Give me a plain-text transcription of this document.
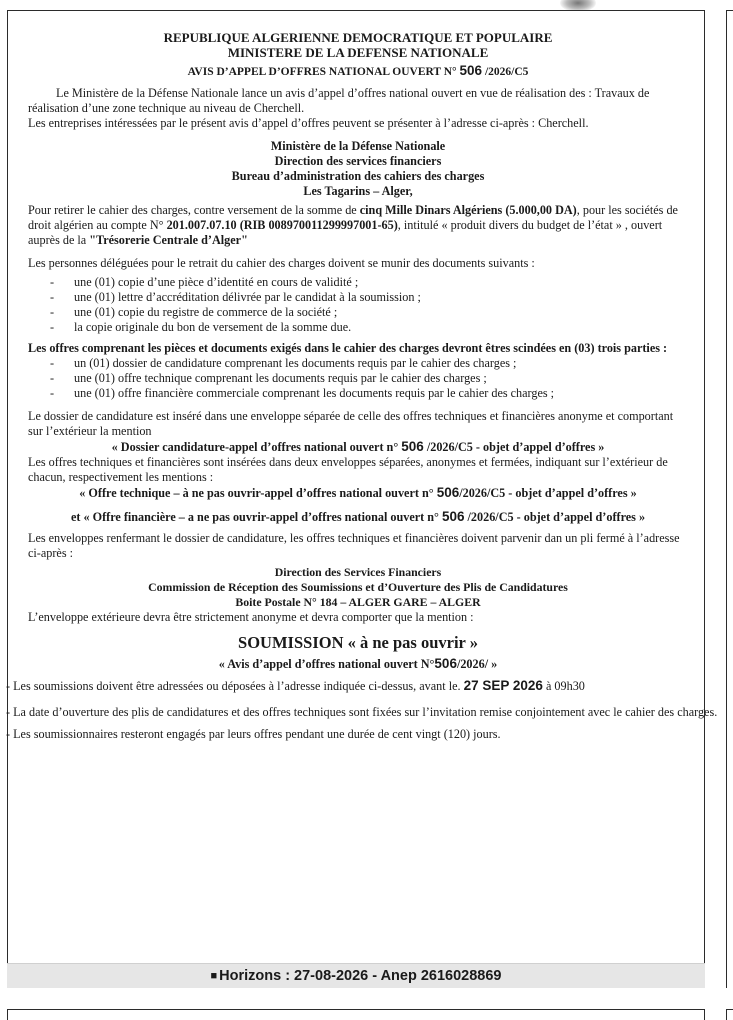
REPUBLIQUE ALGERIENNE DEMOCRATIQUE ET POPULAIRE
MINISTERE DE LA DEFENSE NATIONALE
AVIS D’APPEL D’OFFRES NATIONAL OUVERT N° 506 /2026/C5

Le Ministère de la Défense Nationale lance un avis d’appel d’offres national ouvert en vue de réalisation des : Travaux de réalisation d’une zone technique au niveau de Cherchell.

Les entreprises intéressées par le présent avis d’appel d’offres peuvent se présenter à l’adresse ci-après : Cherchell.

Ministère de la Défense Nationale
Direction des services financiers
Bureau d’administration des cahiers des charges
Les Tagarins – Alger,

Pour retirer le cahier des charges, contre versement de la somme de cinq Mille Dinars Algériens (5.000,00 DA), pour les sociétés de droit algérien au compte N° 201.007.07.10 (RIB 008970011299997001-65), intitulé « produit divers du budget de l’état » , ouvert auprès de la "Trésorerie Centrale d’Alger"

Les personnes déléguées pour le retrait du cahier des charges doivent se munir des documents suivants :

- une (01) copie d’une pièce d’identité en cours de validité ;
- une (01) lettre d’accréditation délivrée par le candidat à la soumission ;
- une (01) copie du registre de commerce de la société ;
- la copie originale du bon de versement de la somme due.

Les offres comprenant les pièces et documents exigés dans le cahier des charges devront êtres scindées en (03) trois parties :

- un (01) dossier de candidature comprenant les documents requis par le cahier des charges ;
- une (01) offre technique comprenant les documents requis par le cahier des charges ;
- une (01) offre financière commerciale comprenant les documents requis par le cahier des charges ;

Le dossier de candidature est inséré dans une enveloppe séparée de celle des offres techniques et financières anonyme et comportant sur l’extérieur la mention

« Dossier candidature-appel d’offres national ouvert n° 506 /2026/C5 - objet d’appel d’offres »

Les offres techniques et financières sont insérées dans deux enveloppes séparées, anonymes et fermées, indiquant sur l’extérieur de chacun, respectivement les mentions :

« Offre technique – à ne pas ouvrir-appel d’offres national ouvert n° 506/2026/C5 - objet d’appel d’offres »
et « Offre financière – a ne pas ouvrir-appel d’offres national ouvert n° 506 /2026/C5 - objet d’appel d’offres »

Les enveloppes renfermant le dossier de candidature, les offres techniques et financières doivent parvenir dan un pli fermé à l’adresse ci-après :

Direction des Services Financiers
Commission de Réception des Soumissions et d’Ouverture des Plis de Candidatures
Boite Postale N° 184 – ALGER GARE – ALGER

L’enveloppe extérieure devra être strictement anonyme et devra comporter que la mention :

SOUMISSION « à ne pas ouvrir »
« Avis d’appel d’offres national ouvert N°506/2026/ »

- Les soumissions doivent être adressées ou déposées à l’adresse indiquée ci-dessus, avant le. 27 SEP 2026 à 09h30

- La date d’ouverture des plis de candidatures et des offres techniques sont fixées sur l’invitation remise conjointement avec le cahier des charges.

- Les soumissionnaires resteront engagés par leurs offres pendant une durée de cent vingt (120) jours.

■ Horizons : 27-08-2026 - Anep 2616028869
